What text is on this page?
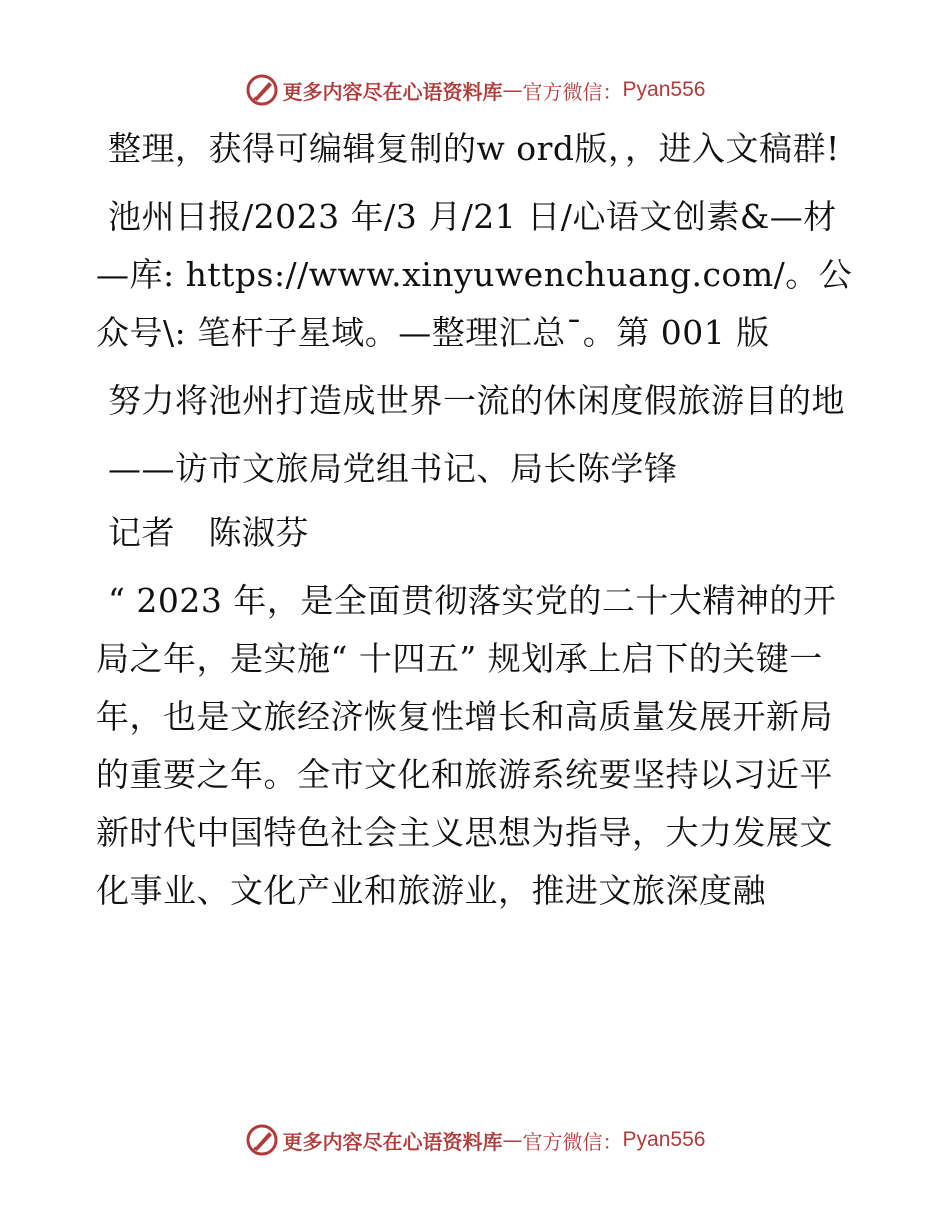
更多内容尽在心语资料库 — 官方微信： Pyan556

整理，获得可编辑复制的w ord版，，进入文稿群!

池州日报/2023 年/3 月/21 日/心语文创素&—材—库: https://www.xinyuwenchuang.com/。公众号\: 笔杆子星域。—整理汇总¯。第 001 版

努力将池州打造成世界一流的休闲度假旅游目的地

——访市文旅局党组书记、局长陈学锋

记者　陈淑芬

“ 2023 年，是全面贯彻落实党的二十大精神的开局之年，是实施“ 十四五” 规划承上启下的关键一年，也是文旅经济恢复性增长和高质量发展开新局的重要之年。全市文化和旅游系统要坚持以习近平新时代中国特色社会主义思想为指导，大力发展文化事业、文化产业和旅游业，推进文旅深度融

更多内容尽在心语资料库 — 官方微信： Pyan556
